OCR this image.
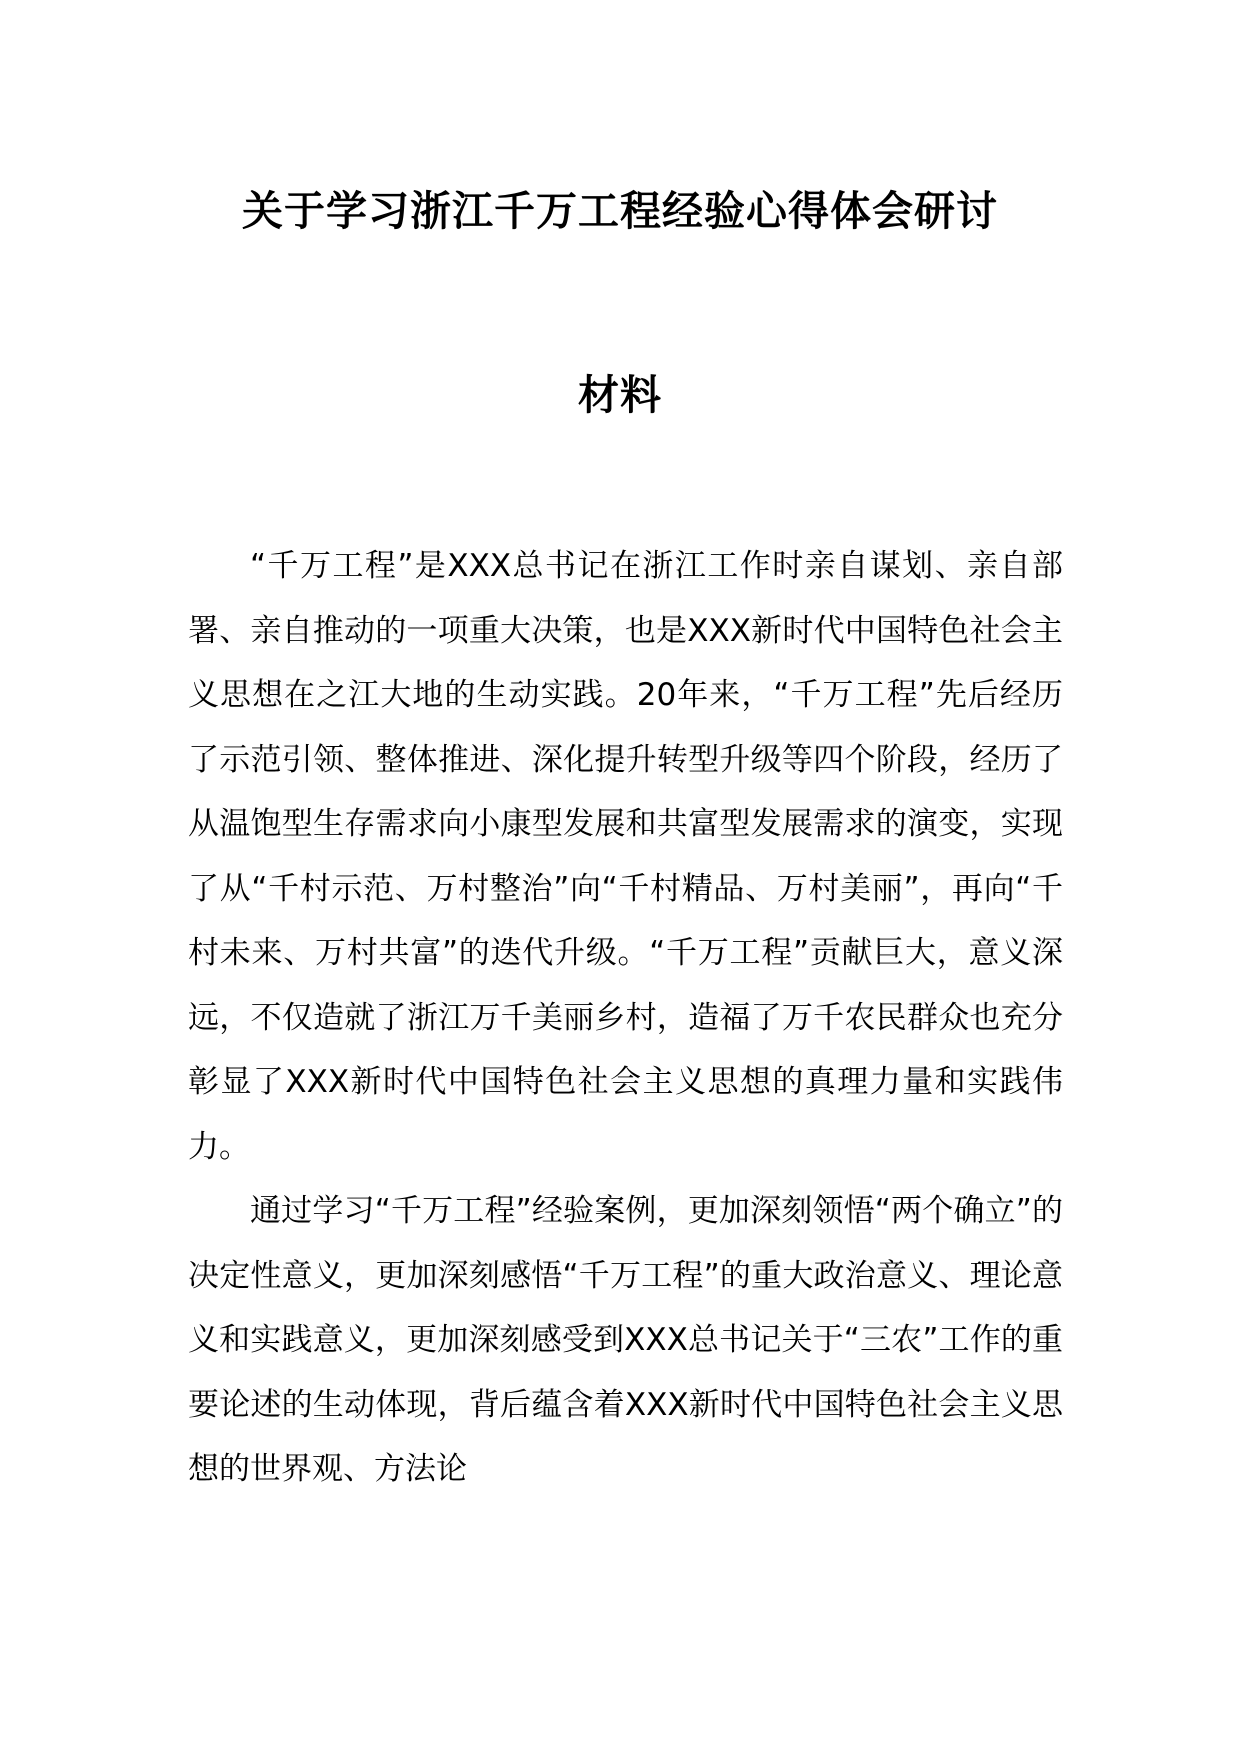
关于学习浙江千万工程经验心得体会研讨
材料

“千万工程”是XXX总书记在浙江工作时亲自谋划、亲自部署、亲自推动的一项重大决策，也是XXX新时代中国特色社会主义思想在之江大地的生动实践。20年来，“千万工程”先后经历了示范引领、整体推进、深化提升转型升级等四个阶段，经历了从温饱型生存需求向小康型发展和共富型发展需求的演变，实现了从“千村示范、万村整治”向“千村精品、万村美丽”，再向“千村未来、万村共富”的迭代升级。“千万工程”贡献巨大，意义深远，不仅造就了浙江万千美丽乡村，造福了万千农民群众也充分彰显了XXX新时代中国特色社会主义思想的真理力量和实践伟力。

通过学习“千万工程”经验案例，更加深刻领悟“两个确立”的决定性意义，更加深刻感悟“千万工程”的重大政治意义、理论意义和实践意义，更加深刻感受到XXX总书记关于“三农”工作的重要论述的生动体现，背后蕴含着XXX新时代中国特色社会主义思想的世界观、方法论
